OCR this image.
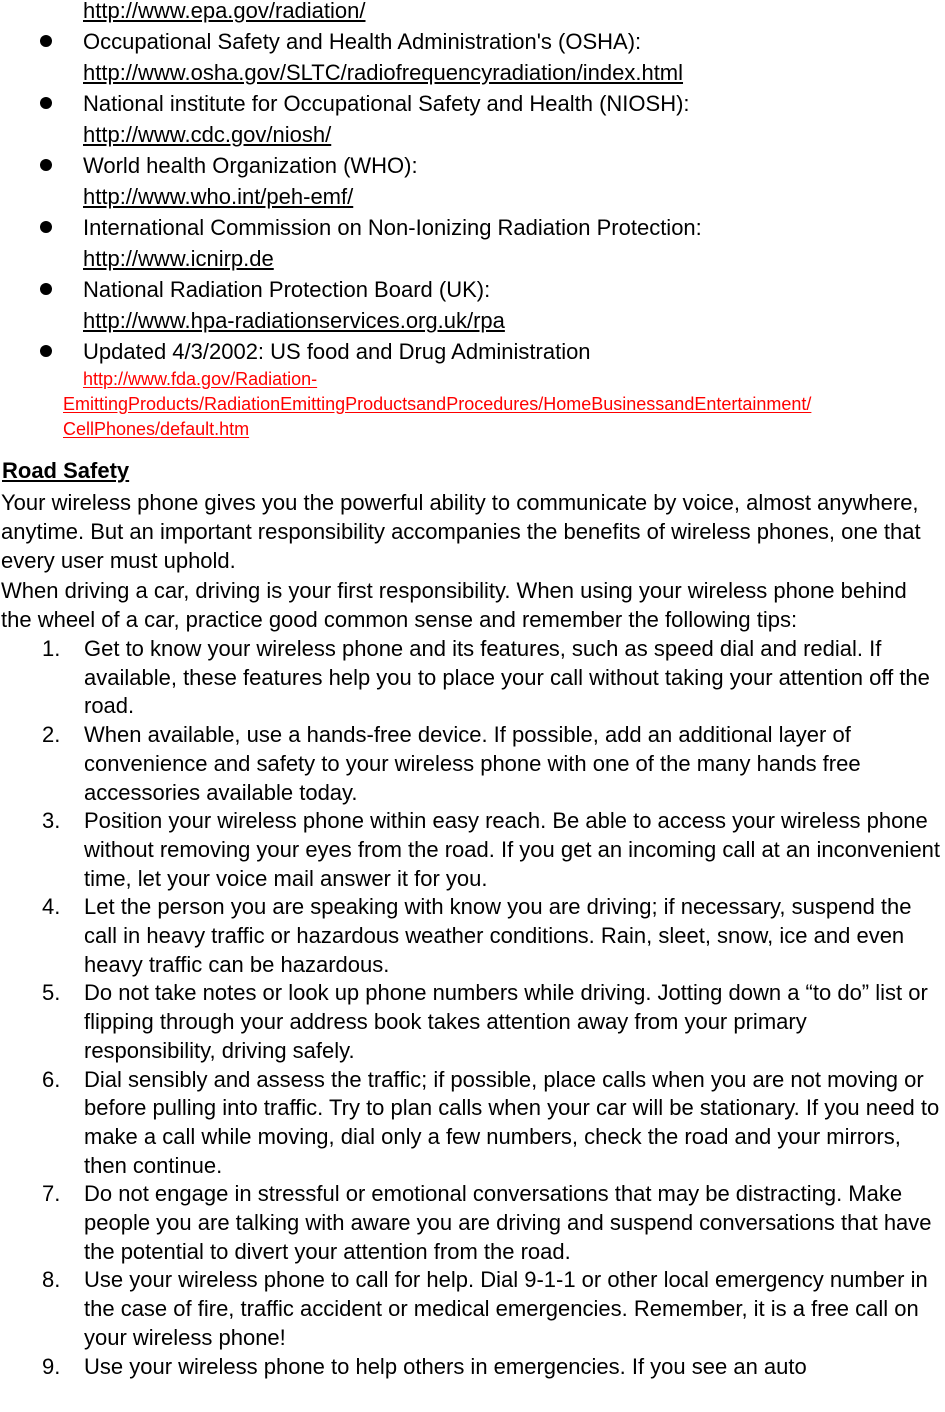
http://www.epa.gov/radiation/
Occupational Safety and Health Administration's (OSHA):
http://www.osha.gov/SLTC/radiofrequencyradiation/index.html
National institute for Occupational Safety and Health (NIOSH):
http://www.cdc.gov/niosh/
World health Organization (WHO):
http://www.who.int/peh-emf/
International Commission on Non-Ionizing Radiation Protection:
http://www.icnirp.de
National Radiation Protection Board (UK):
http://www.hpa-radiationservices.org.uk/rpa
Updated 4/3/2002: US food and Drug Administration
http://www.fda.gov/Radiation-
EmittingProducts/RadiationEmittingProductsandProcedures/HomeBusinessandEntertainment/
CellPhones/default.htm
Road Safety

Your wireless phone gives you the powerful ability to communicate by voice, almost anywhere, anytime. But an important responsibility accompanies the benefits of wireless phones, one that every user must uphold.

When driving a car, driving is your first responsibility. When using your wireless phone behind the wheel of a car, practice good common sense and remember the following tips:

1. Get to know your wireless phone and its features, such as speed dial and redial. If available, these features help you to place your call without taking your attention off the road.
2. When available, use a hands-free device. If possible, add an additional layer of convenience and safety to your wireless phone with one of the many hands free accessories available today.
3. Position your wireless phone within easy reach. Be able to access your wireless phone without removing your eyes from the road. If you get an incoming call at an inconvenient time, let your voice mail answer it for you.
4. Let the person you are speaking with know you are driving; if necessary, suspend the call in heavy traffic or hazardous weather conditions. Rain, sleet, snow, ice and even heavy traffic can be hazardous.
5. Do not take notes or look up phone numbers while driving. Jotting down a “to do” list or flipping through your address book takes attention away from your primary responsibility, driving safely.
6. Dial sensibly and assess the traffic; if possible, place calls when you are not moving or before pulling into traffic. Try to plan calls when your car will be stationary. If you need to make a call while moving, dial only a few numbers, check the road and your mirrors, then continue.
7. Do not engage in stressful or emotional conversations that may be distracting. Make people you are talking with aware you are driving and suspend conversations that have the potential to divert your attention from the road.
8. Use your wireless phone to call for help. Dial 9-1-1 or other local emergency number in the case of fire, traffic accident or medical emergencies. Remember, it is a free call on your wireless phone!
9. Use your wireless phone to help others in emergencies. If you see an auto
